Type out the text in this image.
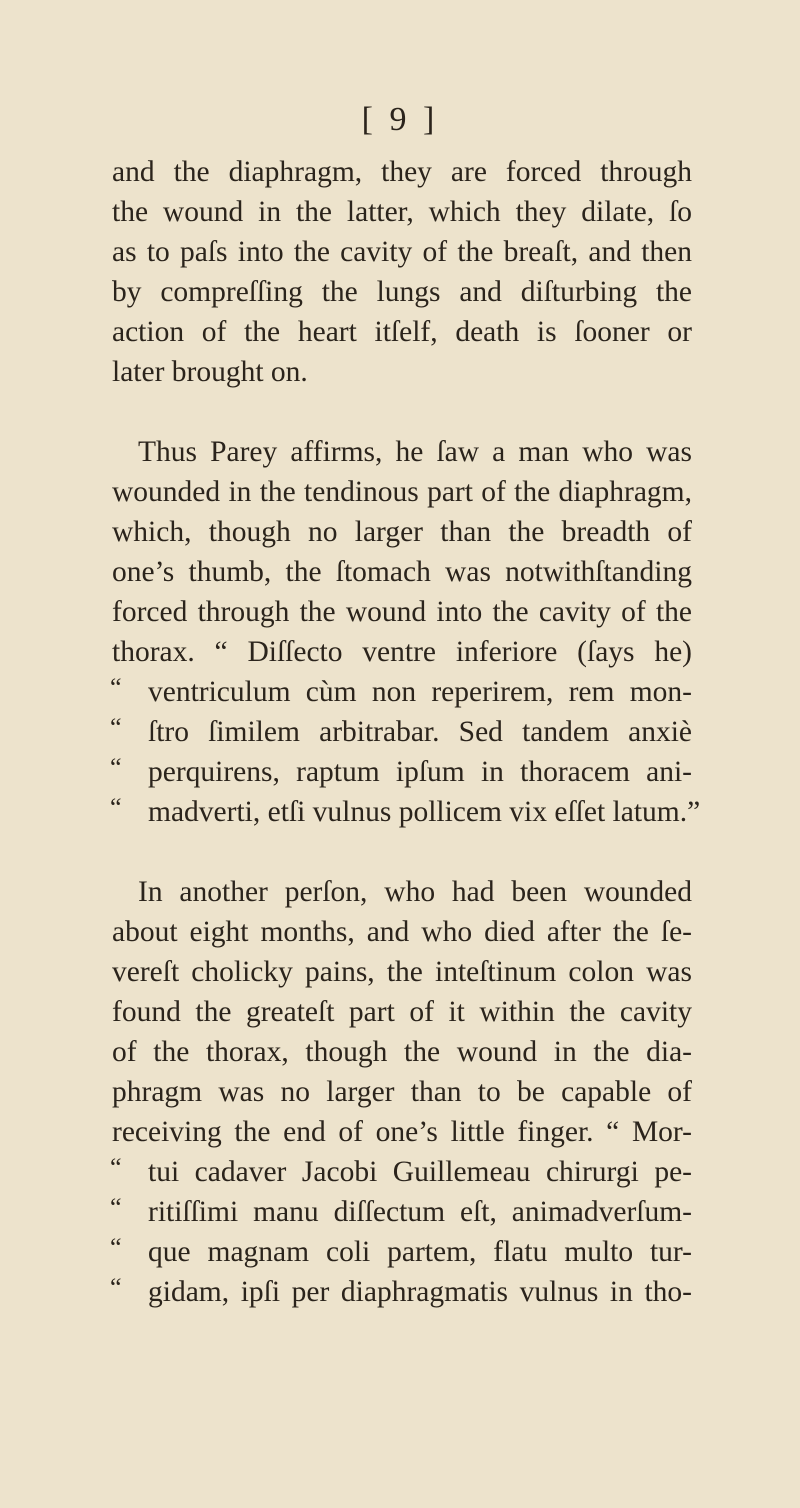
[ 9 ]
and the diaphragm, they are forced through
the wound in the latter, which they dilate, ſo
as to paſs into the cavity of the breaſt, and then
by compreſſing the lungs and diſturbing the
action of the heart itſelf, death is ſooner or
later brought on.
Thus Parey affirms, he ſaw a man who was
wounded in the tendinous part of the diaphragm,
which, though no larger than the breadth of
one’s thumb, the ſtomach was notwithſtanding
forced through the wound into the cavity of the
thorax. “ Diſſecto ventre inferiore (ſays he)
“ ventriculum cùm non reperirem, rem mon-
“ ſtro ſimilem arbitrabar. Sed tandem anxiè
“ perquirens, raptum ipſum in thoracem ani-
“ madverti, etſi vulnus pollicem vix eſſet latum.”
In another perſon, who had been wounded
about eight months, and who died after the ſe-
vereſt cholicky pains, the inteſtinum colon was
found the greateſt part of it within the cavity
of the thorax, though the wound in the dia-
phragm was no larger than to be capable of
receiving the end of one’s little finger. “ Mor-
“ tui cadaver Jacobi Guillemeau chirurgi pe-
“ ritiſſimi manu diſſectum eſt, animadverſum-
“ que magnam coli partem, flatu multo tur-
“ gidam, ipſi per diaphragmatis vulnus in tho-
